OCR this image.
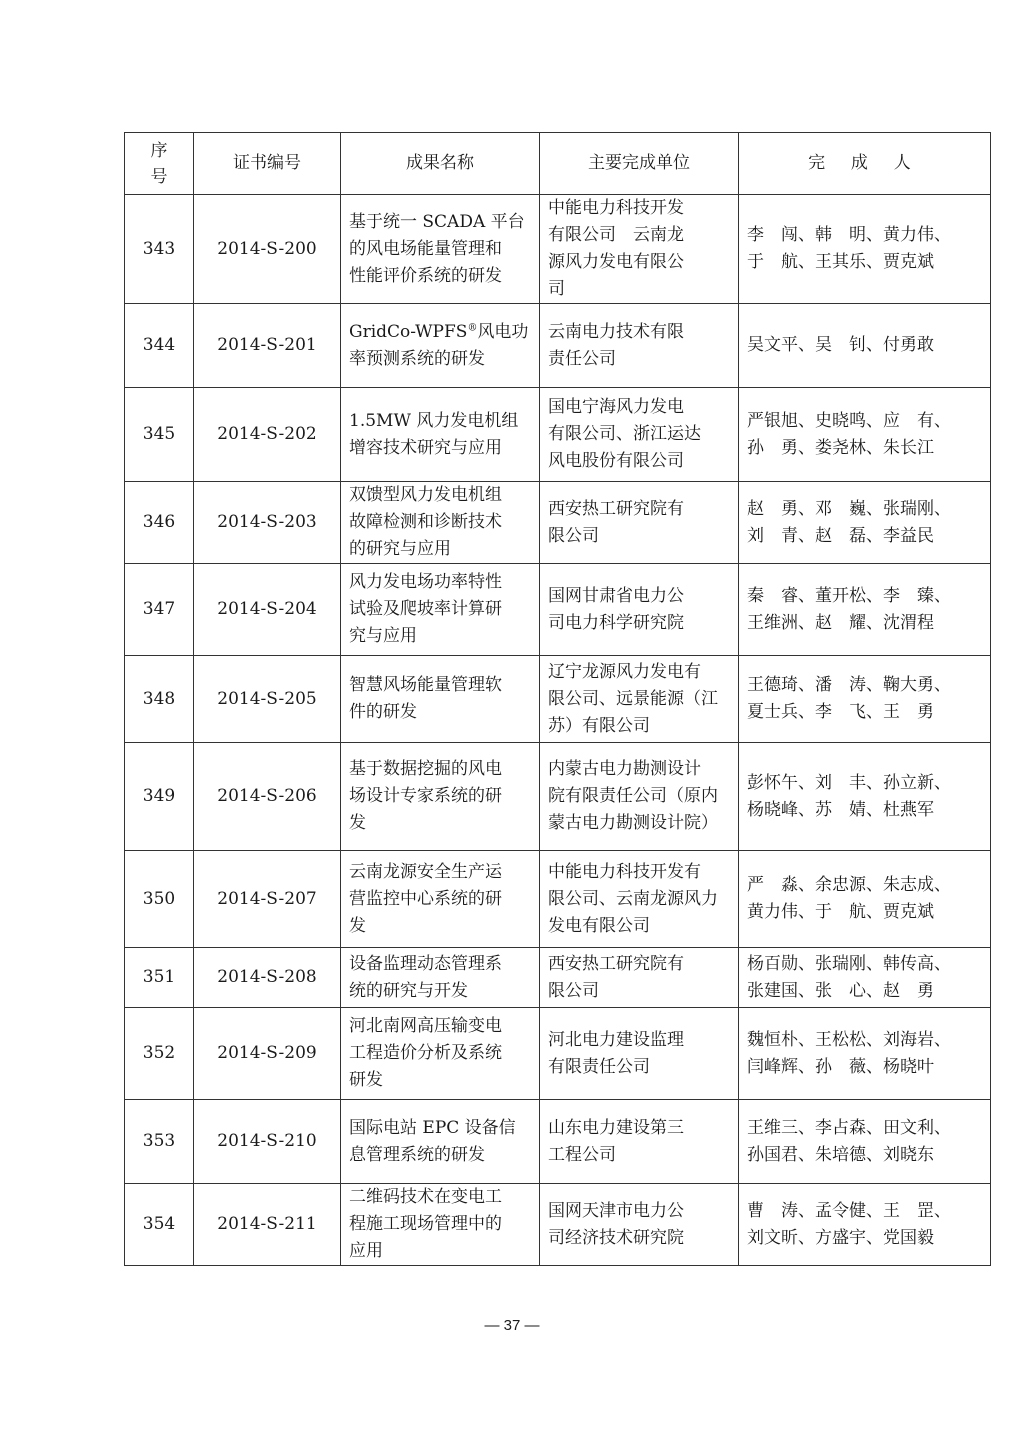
序
号	证书编号	成果名称	主要完成单位	完 成 人
343	2014-S-200	基于统一 SCADA 平台
的风电场能量管理和
性能评价系统的研发	中能电力科技开发
有限公司　云南龙
源风力发电有限公
司	李　闯、韩　明、黄力伟、
于　航、王其乐、贾克斌

344	2014-S-201	GridCo-WPFS®风电功
率预测系统的研发	云南电力技术有限
责任公司	吴文平、吴　钊、付勇敢

345	2014-S-202	1.5MW 风力发电机组
增容技术研究与应用	国电宁海风力发电
有限公司、浙江运达
风电股份有限公司	严银旭、史晓鸣、应　有、
孙　勇、娄尧林、朱长江

346	2014-S-203	双馈型风力发电机组
故障检测和诊断技术
的研究与应用	西安热工研究院有
限公司	赵　勇、邓　巍、张瑞刚、
刘　青、赵　磊、李益民

347	2014-S-204	风力发电场功率特性
试验及爬坡率计算研
究与应用	国网甘肃省电力公
司电力科学研究院	秦　睿、董开松、李　臻、
王维洲、赵　耀、沈渭程

348	2014-S-205	智慧风场能量管理软
件的研发	辽宁龙源风力发电有
限公司、远景能源（江
苏）有限公司	王德琦、潘　涛、鞠大勇、
夏士兵、李　飞、王　勇

349	2014-S-206	基于数据挖掘的风电
场设计专家系统的研
发	内蒙古电力勘测设计
院有限责任公司（原内
蒙古电力勘测设计院）	彭怀午、刘　丰、孙立新、
杨晓峰、苏　婧、杜燕军

350	2014-S-207	云南龙源安全生产运
营监控中心系统的研
发	中能电力科技开发有
限公司、云南龙源风力
发电有限公司	严　淼、余忠源、朱志成、
黄力伟、于　航、贾克斌

351	2014-S-208	设备监理动态管理系
统的研究与开发	西安热工研究院有
限公司	杨百勋、张瑞刚、韩传高、
张建国、张　心、赵　勇

352	2014-S-209	河北南网高压输变电
工程造价分析及系统
研发	河北电力建设监理
有限责任公司	魏恒朴、王松松、刘海岩、
闫峰辉、孙　薇、杨晓叶

353	2014-S-210	国际电站 EPC 设备信
息管理系统的研发	山东电力建设第三
工程公司	王维三、李占森、田文利、
孙国君、朱培德、刘晓东

354	2014-S-211	二维码技术在变电工
程施工现场管理中的
应用	国网天津市电力公
司经济技术研究院	曹　涛、孟令健、王　罡、
刘文昕、方盛宇、党国毅
— 37 —
